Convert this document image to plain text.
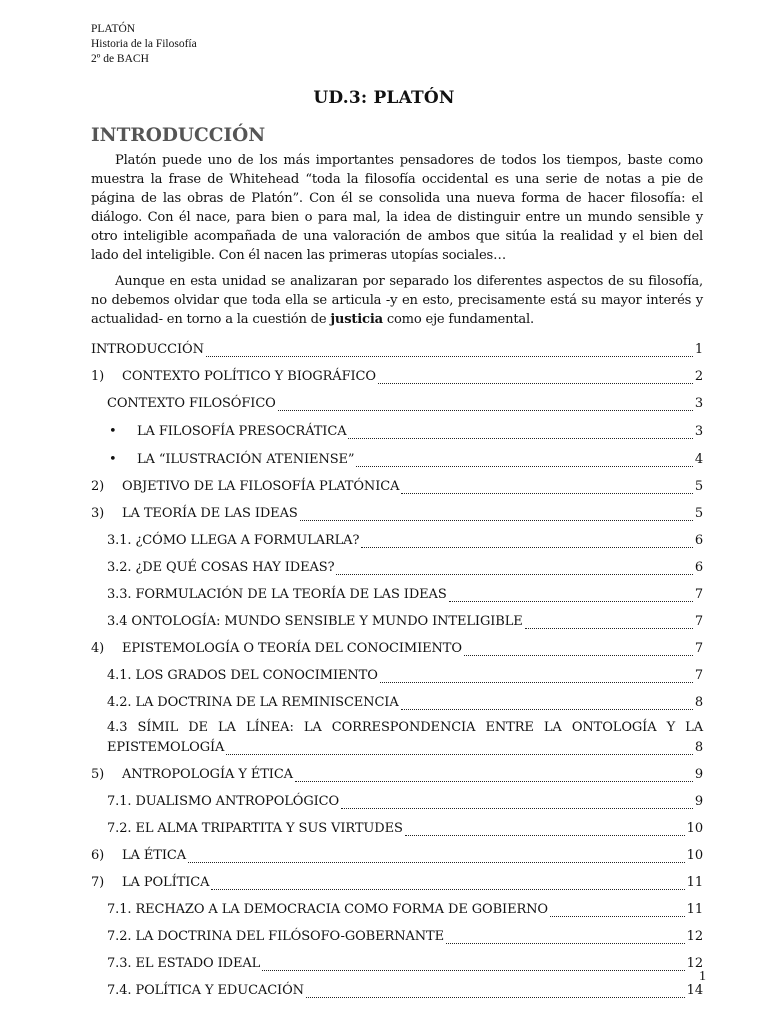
PLATÓN
Historia de la Filosofía
2º de BACH
UD.3: PLATÓN
INTRODUCCIÓN
Platón puede uno de los más importantes pensadores de todos los tiempos, baste como muestra la frase de Whitehead “toda la filosofía occidental es una serie de notas a pie de página de las obras de Platón”. Con él se consolida una nueva forma de hacer filosofía: el diálogo. Con él nace, para bien o para mal, la idea de distinguir entre un mundo sensible y otro inteligible acompañada de una valoración de ambos que sitúa la realidad y el bien del lado del inteligible. Con él nacen las primeras utopías sociales…
Aunque en esta unidad se analizaran por separado los diferentes aspectos de su filosofía, no debemos olvidar que toda ella se articula -y en esto, precisamente está su mayor interés y actualidad- en torno a la cuestión de justicia como eje fundamental.
INTRODUCCIÓN	1
1) CONTEXTO POLÍTICO Y BIOGRÁFICO	2
CONTEXTO FILOSÓFICO	3
• LA FILOSOFÍA PRESOCRÁTICA	3
• LA “ILUSTRACIÓN ATENIENSE”	4
2) OBJETIVO DE LA FILOSOFÍA PLATÓNICA	5
3) LA TEORÍA DE LAS IDEAS	5
3.1. ¿CÓMO LLEGA A FORMULARLA?	6
3.2. ¿DE QUÉ COSAS HAY IDEAS?	6
3.3. FORMULACIÓN DE LA TEORÍA DE LAS IDEAS	7
3.4 ONTOLOGÍA: MUNDO SENSIBLE Y MUNDO INTELIGIBLE	7
4) EPISTEMOLOGÍA O TEORÍA DEL CONOCIMIENTO	7
4.1. LOS GRADOS DEL CONOCIMIENTO	7
4.2. LA DOCTRINA DE LA REMINISCENCIA	8
4.3 SÍMIL DE LA LÍNEA: LA CORRESPONDENCIA ENTRE LA ONTOLOGÍA Y LA
EPISTEMOLOGÍA	8
5) ANTROPOLOGÍA Y ÉTICA	9
7.1. DUALISMO ANTROPOLÓGICO	9
7.2. EL ALMA TRIPARTITA Y SUS VIRTUDES	10
6) LA ÉTICA	10
7) LA POLÍTICA	11
7.1. RECHAZO A LA DEMOCRACIA COMO FORMA DE GOBIERNO	11
7.2. LA DOCTRINA DEL FILÓSOFO-GOBERNANTE	12
7.3. EL ESTADO IDEAL	12
7.4. POLÍTICA Y EDUCACIÓN	14
1
